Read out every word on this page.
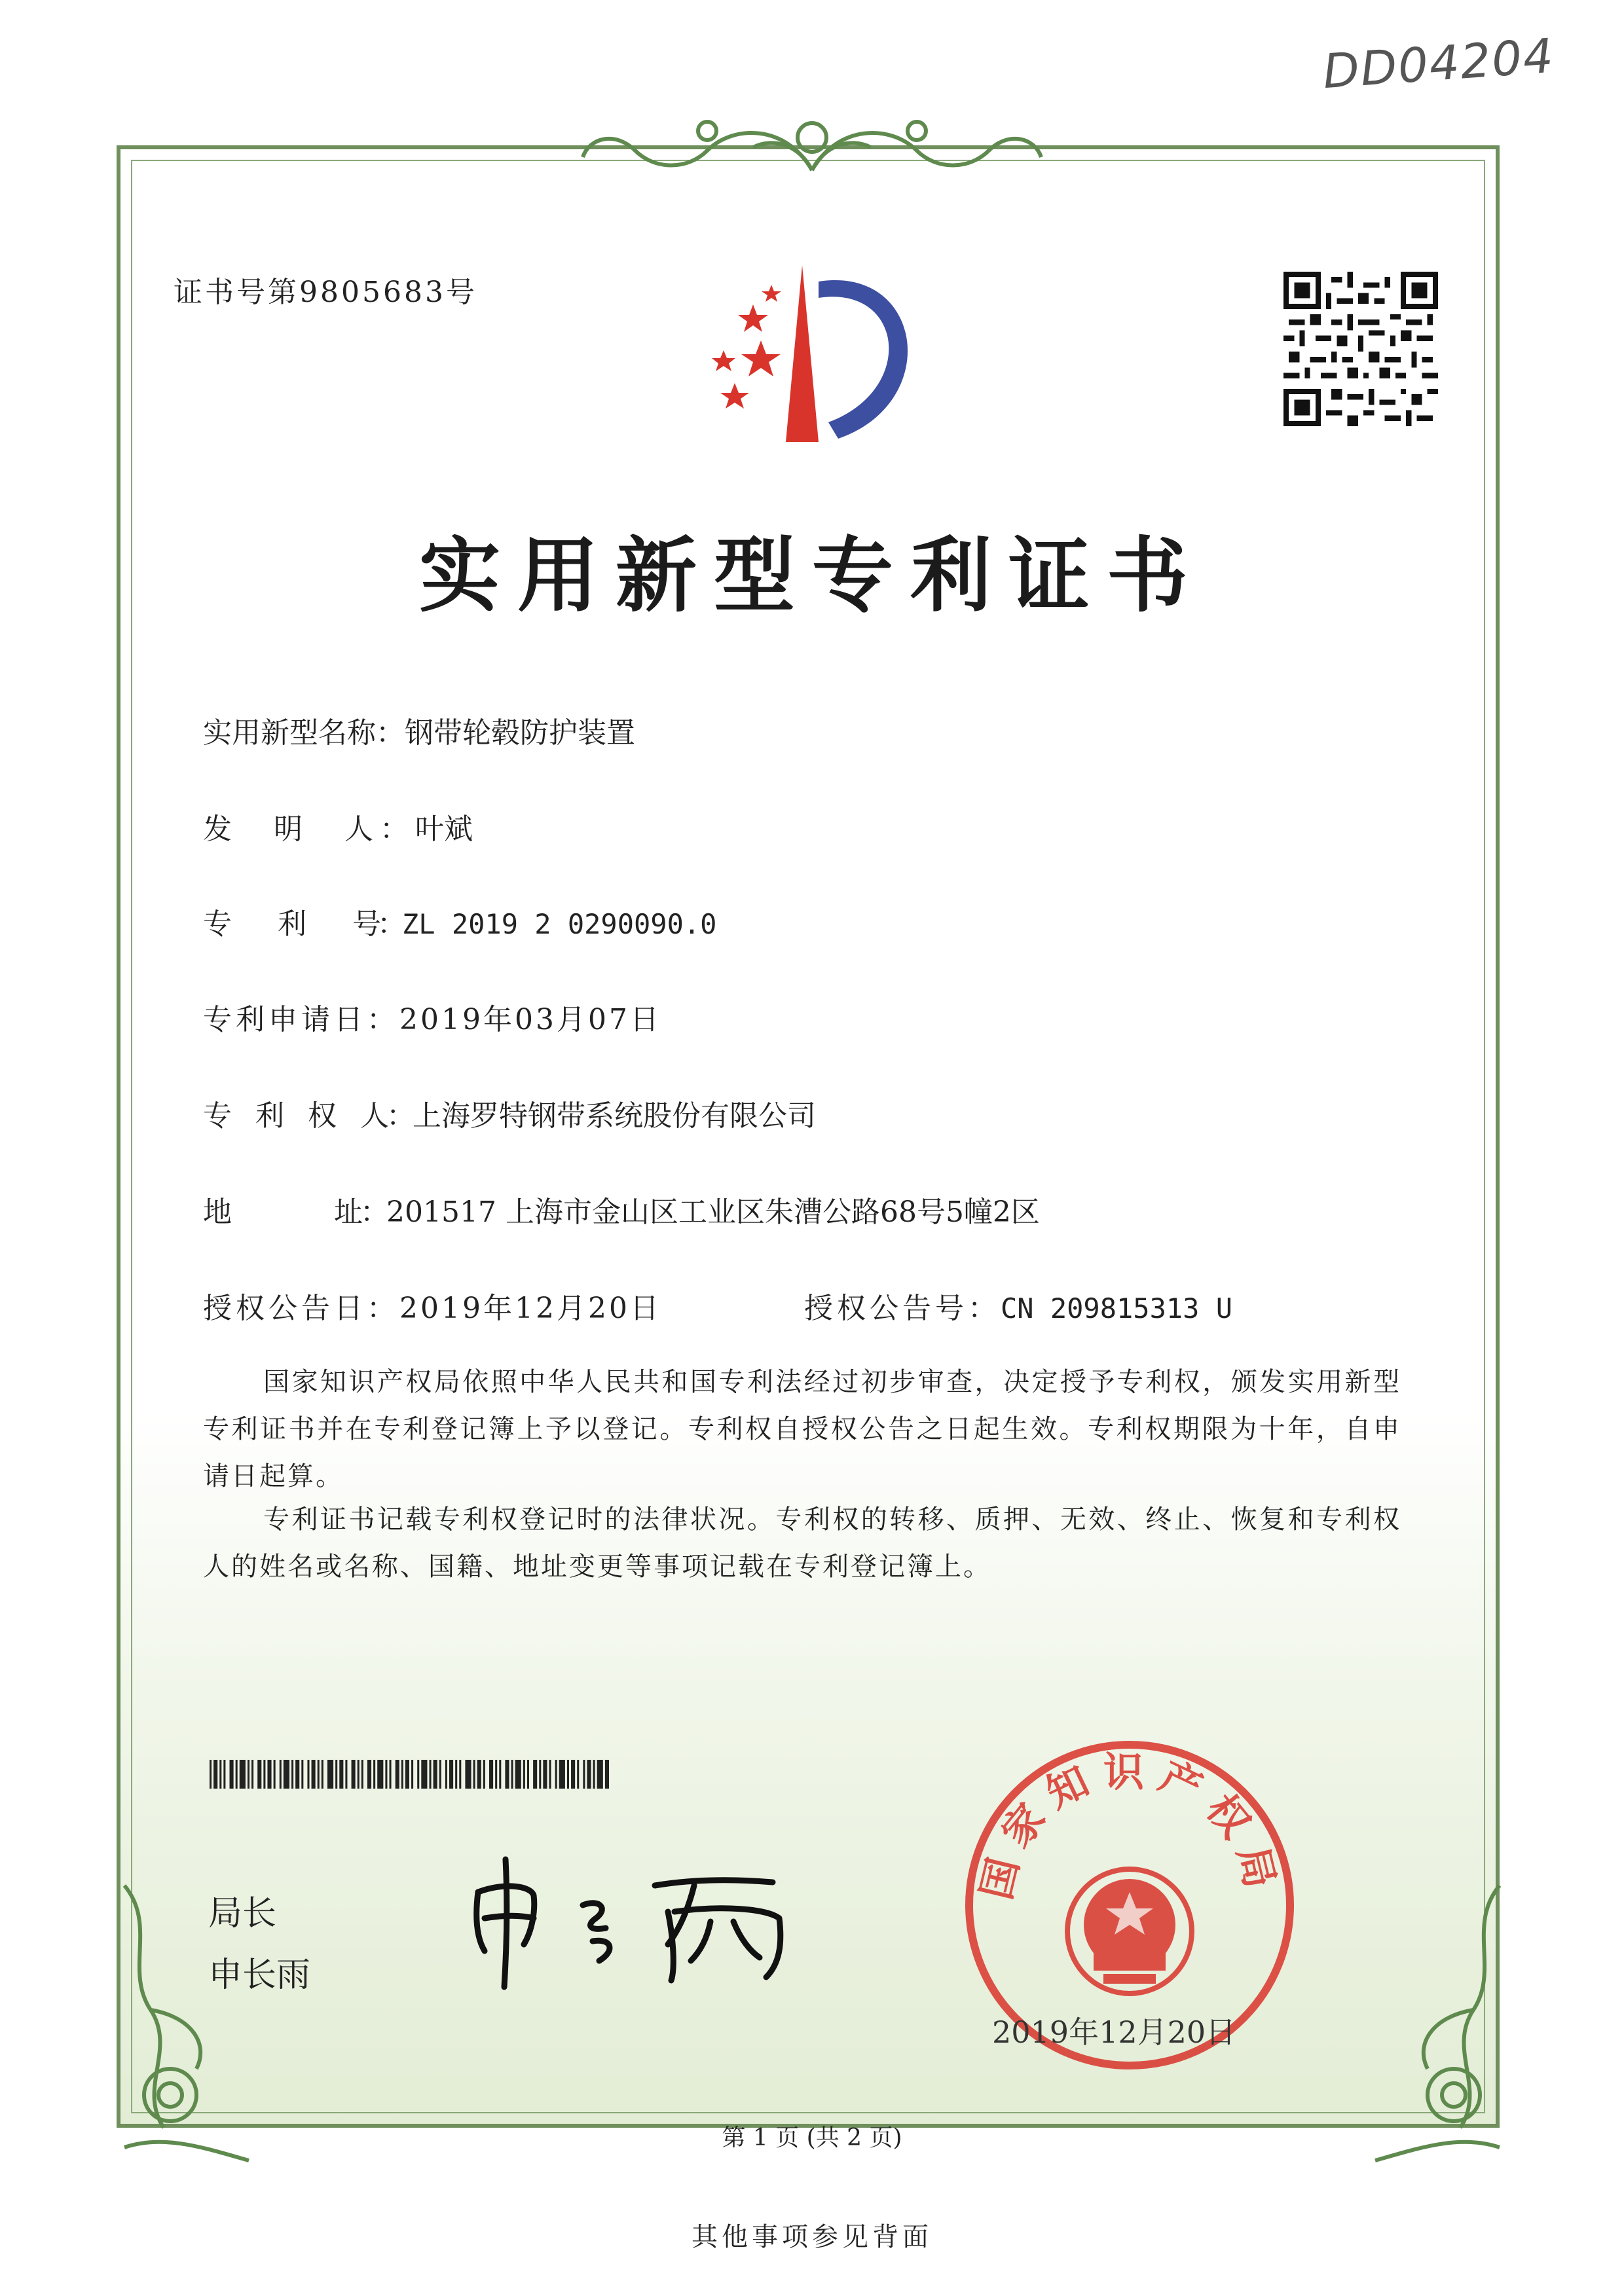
DD04204
证书号第9805683号
实用新型专利证书
实用新型名称：钢带轮毂防护装置
发　明　人：叶斌
专　　利　　号：ZL 2019 2 0290090.0
专利申请日：2019年03月07日
专　利　权　人：上海罗特钢带系统股份有限公司
地　　　　址：201517 上海市金山区工业区朱漕公路68号5幢2区
授权公告日：2019年12月20日	授权公告号：CN 209815313 U
国家知识产权局依照中华人民共和国专利法经过初步审查，决定授予专利权，颁发实用新型专利证书并在专利登记簿上予以登记。专利权自授权公告之日起生效。专利权期限为十年，自申请日起算。
专利证书记载专利权登记时的法律状况。专利权的转移、质押、无效、终止、恢复和专利权人的姓名或名称、国籍、地址变更等事项记载在专利登记簿上。
局长
申长雨
国家知识产权局
2019年12月20日
第 1 页 (共 2 页)
其他事项参见背面
